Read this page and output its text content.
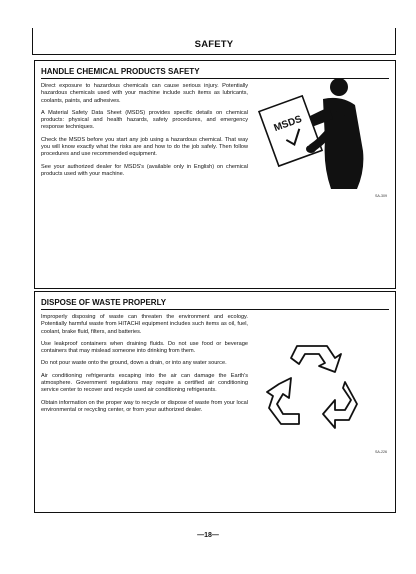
SAFETY
HANDLE CHEMICAL PRODUCTS SAFETY

Direct exposure to hazardous chemicals can cause serious injury. Potentially hazardous chemicals used with your machine include such items as lubricants, coolants, paints, and adhesives.

A Material Safety Data Sheet (MSDS) provides specific details on chemical products: physical and health hazards, safety procedures, and emergency response techniques.

Check the MSDS before you start any job using a hazardous chemical. That way you will know exactly what the risks are and how to do the job safely. Then follow procedures and use recommended equipment.

See your authorized dealer for MSDS's (available only in English) on chemical products used with your machine.

MSDS
SA-309
DISPOSE OF WASTE PROPERLY

Improperly disposing of waste can threaten the environment and ecology. Potentially harmful waste from HITACHI equipment includes such items as oil, fuel, coolant, brake fluid, filters, and batteries.

Use leakproof containers when draining fluids. Do not use food or beverage containers that may mislead someone into drinking from them.

Do not pour waste onto the ground, down a drain, or into any water source.

Air conditioning refrigerants escaping into the air can damage the Earth's atmosphere. Government regulations may require a certified air conditioning service center to recover and recycle used air conditioning refrigerants.

Obtain information on the proper way to recycle or dispose of waste from your local environmental or recycling center, or from your authorized dealer.

SA-226
—18—
